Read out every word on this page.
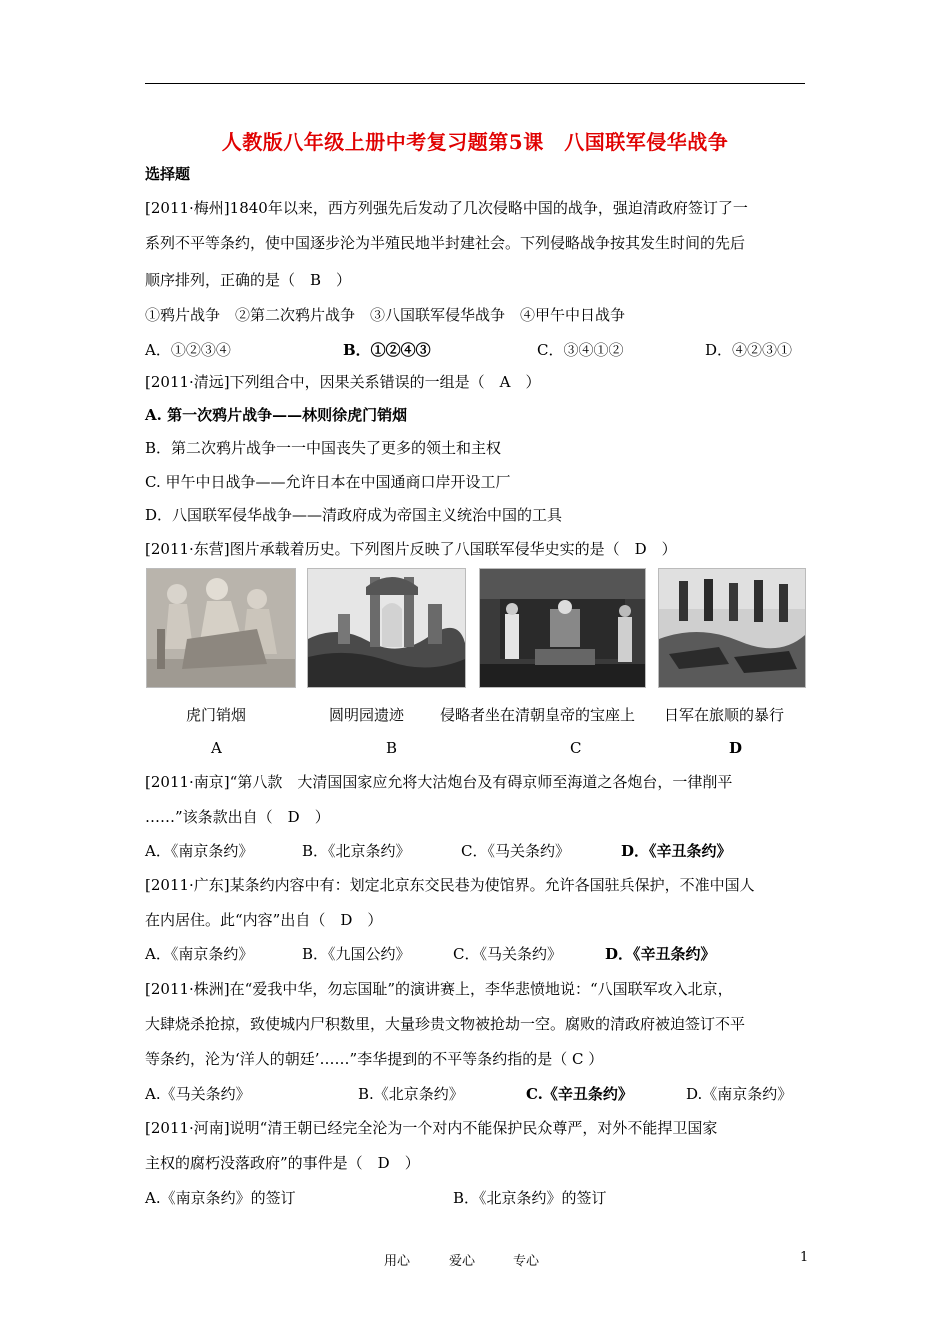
人教版八年级上册中考复习题第5课　八国联军侵华战争
选择题
[2011·梅州]1840年以来，西方列强先后发动了几次侵略中国的战争，强迫清政府签订了一
系列不平等条约，使中国逐步沦为半殖民地半封建社会。下列侵略战争按其发生时间的先后
顺序排列，正确的是（　B　）
①鸦片战争　②第二次鸦片战争　③八国联军侵华战争　④甲午中日战争
A．①②③④	B．①②④③	C．③④①②	D．④②③①
[2011·清远]下列组合中，因果关系错误的一组是（　A　）
A. 第一次鸦片战争——林则徐虎门销烟
B．第二次鸦片战争一一中国丧失了更多的领土和主权
C. 甲午中日战争——允许日本在中国通商口岸开设工厂
D．八国联军侵华战争——清政府成为帝国主义统治中国的工具
[2011·东营]图片承载着历史。下列图片反映了八国联军侵华史实的是（　D　）
虎门销烟	圆明园遗迹 侵略者坐在清朝皇帝的宝座上 日军在旅顺的暴行
A	B	C	D
[2011·南京]“第八款　大清国国家应允将大沽炮台及有碍京师至海道之各炮台，一律削平
……”该条款出自（　D　）
A．《南京条约》	B．《北京条约》	C．《马关条约》	D．《辛丑条约》
[2011·广东]某条约内容中有：划定北京东交民巷为使馆界。允许各国驻兵保护，不准中国人
在内居住。此“内容”出自（　D　）
A．《南京条约》	B．《九国公约》	C．《马关条约》	D．《辛丑条约》
[2011·株洲]在“爱我中华，勿忘国耻”的演讲赛上，李华悲愤地说：“八国联军攻入北京，
大肆烧杀抢掠，致使城内尸积数里，大量珍贵文物被抢劫一空。腐败的清政府被迫签订不平
等条约，沦为‘洋人的朝廷’……”李华提到的不平等条约指的是（ C ）
A.《马关条约》	B.《北京条约》	C.《辛丑条约》	D.《南京条约》
[2011·河南]说明“清王朝已经完全沦为一个对内不能保护民众尊严，对外不能捍卫国家
主权的腐朽没落政府”的事件是（　D　）
A.《南京条约》的签订	B．《北京条约》的签订
用心	爱心	专心	1
